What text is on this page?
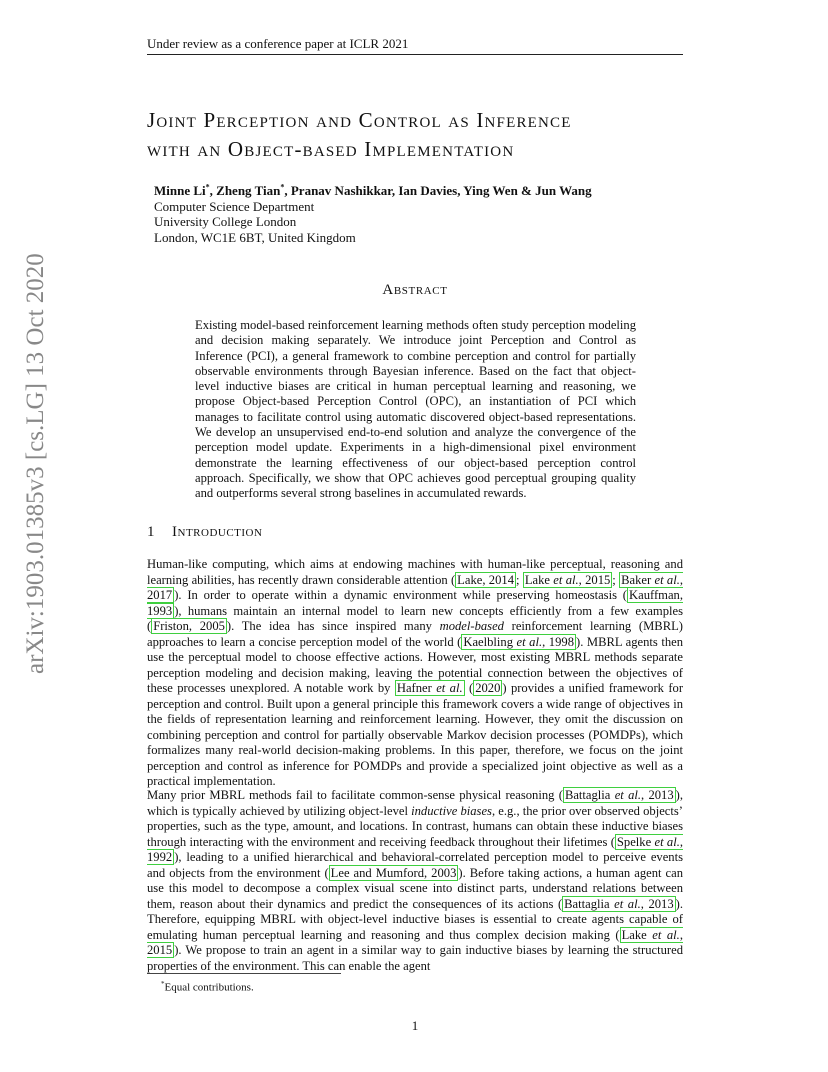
Under review as a conference paper at ICLR 2021
arXiv:1903.01385v3 [cs.LG] 13 Oct 2020
Joint Perception and Control as Inference
with an Object-based Implementation
Minne Li*, Zheng Tian*, Pranav Nashikkar, Ian Davies, Ying Wen & Jun Wang
Computer Science Department
University College London
London, WC1E 6BT, United Kingdom
Abstract
Existing model-based reinforcement learning methods often study perception modeling and decision making separately. We introduce joint Perception and Control as Inference (PCI), a general framework to combine perception and control for partially observable environments through Bayesian inference. Based on the fact that object-level inductive biases are critical in human perceptual learning and reasoning, we propose Object-based Perception Control (OPC), an instantiation of PCI which manages to facilitate control using automatic discovered object-based representations. We develop an unsupervised end-to-end solution and analyze the convergence of the perception model update. Experiments in a high-dimensional pixel environment demonstrate the learning effectiveness of our object-based perception control approach. Specifically, we show that OPC achieves good perceptual grouping quality and outperforms several strong baselines in accumulated rewards.
1 Introduction
Human-like computing, which aims at endowing machines with human-like perceptual, reasoning and learning abilities, has recently drawn considerable attention ( Lake, 2014 ; Lake et al., 2015 ; Baker et al., 2017 ). In order to operate within a dynamic environment while preserving homeostasis ( Kauffman, 1993 ), humans maintain an internal model to learn new concepts efficiently from a few examples ( Friston, 2005 ). The idea has since inspired many model-based reinforcement learning (MBRL) approaches to learn a concise perception model of the world ( Kaelbling et al., 1998 ). MBRL agents then use the perceptual model to choose effective actions. However, most existing MBRL methods separate perception modeling and decision making, leaving the potential connection between the objectives of these processes unexplored. A notable work by Hafner et al. ( 2020 ) provides a unified framework for perception and control. Built upon a general principle this framework covers a wide range of objectives in the fields of representation learning and reinforcement learning. However, they omit the discussion on combining perception and control for partially observable Markov decision processes (POMDPs), which formalizes many real-world decision-making problems. In this paper, therefore, we focus on the joint perception and control as inference for POMDPs and provide a specialized joint objective as well as a practical implementation.
Many prior MBRL methods fail to facilitate common-sense physical reasoning ( Battaglia et al., 2013 ), which is typically achieved by utilizing object-level inductive biases, e.g., the prior over observed objects’ properties, such as the type, amount, and locations. In contrast, humans can obtain these inductive biases through interacting with the environment and receiving feedback throughout their lifetimes ( Spelke et al., 1992 ), leading to a unified hierarchical and behavioral-correlated perception model to perceive events and objects from the environment ( Lee and Mumford, 2003 ). Before taking actions, a human agent can use this model to decompose a complex visual scene into distinct parts, understand relations between them, reason about their dynamics and predict the consequences of its actions ( Battaglia et al., 2013 ). Therefore, equipping MBRL with object-level inductive biases is essential to create agents capable of emulating human perceptual learning and reasoning and thus complex decision making ( Lake et al., 2015 ). We propose to train an agent in a similar way to gain inductive biases by learning the structured properties of the environment. This can enable the agent
*Equal contributions.
1
